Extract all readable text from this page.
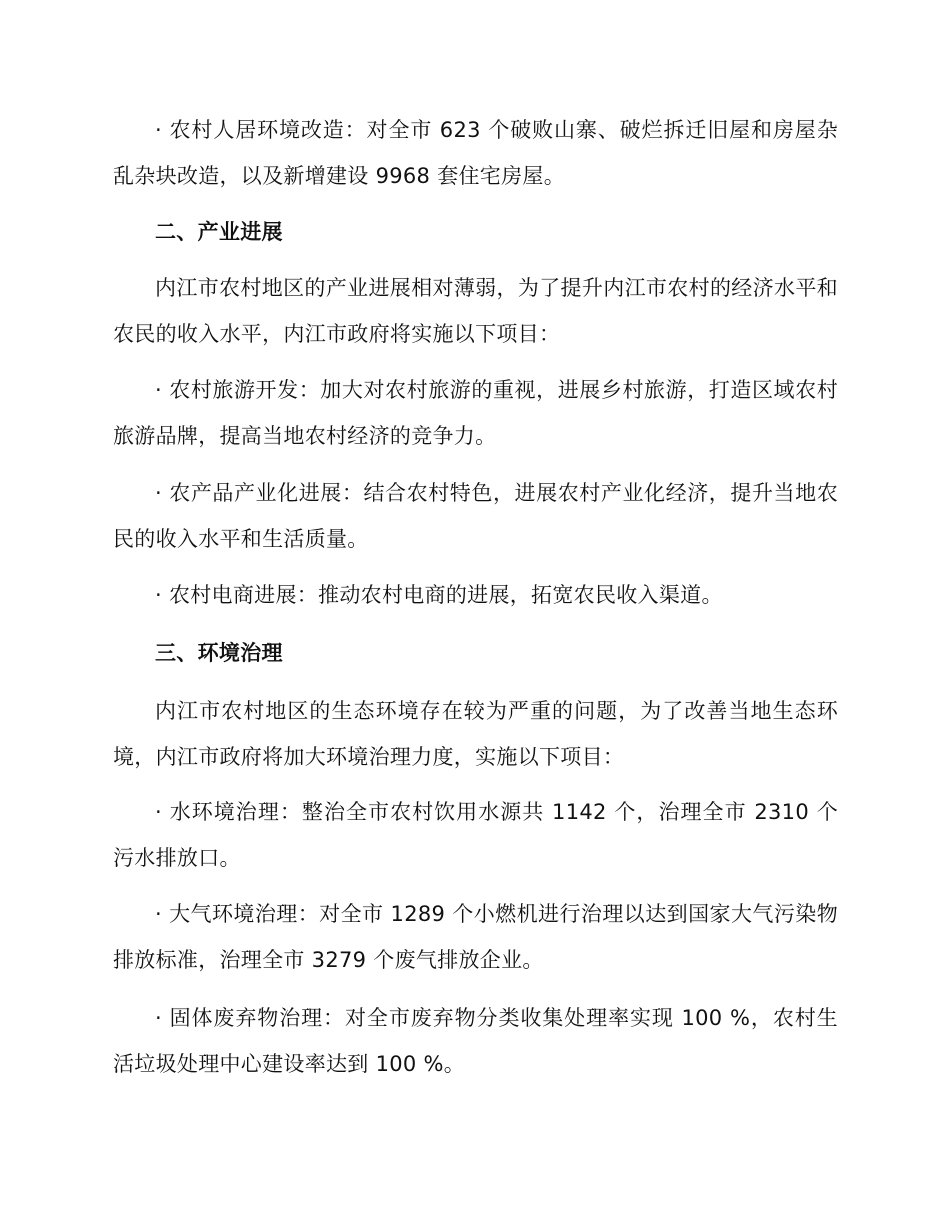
· 农村人居环境改造：对全市 623 个破败山寨、破烂拆迁旧屋和房屋杂乱杂块改造，以及新增建设 9968 套住宅房屋。

二、产业进展

内江市农村地区的产业进展相对薄弱，为了提升内江市农村的经济水平和农民的收入水平，内江市政府将实施以下项目：

· 农村旅游开发：加大对农村旅游的重视，进展乡村旅游，打造区域农村旅游品牌，提高当地农村经济的竞争力。

· 农产品产业化进展：结合农村特色，进展农村产业化经济，提升当地农民的收入水平和生活质量。

· 农村电商进展：推动农村电商的进展，拓宽农民收入渠道。

三、环境治理

内江市农村地区的生态环境存在较为严重的问题，为了改善当地生态环境，内江市政府将加大环境治理力度，实施以下项目：

· 水环境治理：整治全市农村饮用水源共 1142 个，治理全市 2310 个污水排放口。

· 大气环境治理：对全市 1289 个小燃机进行治理以达到国家大气污染物排放标准，治理全市 3279 个废气排放企业。

· 固体废弃物治理：对全市废弃物分类收集处理率实现 100 %，农村生活垃圾处理中心建设率达到 100 %。
